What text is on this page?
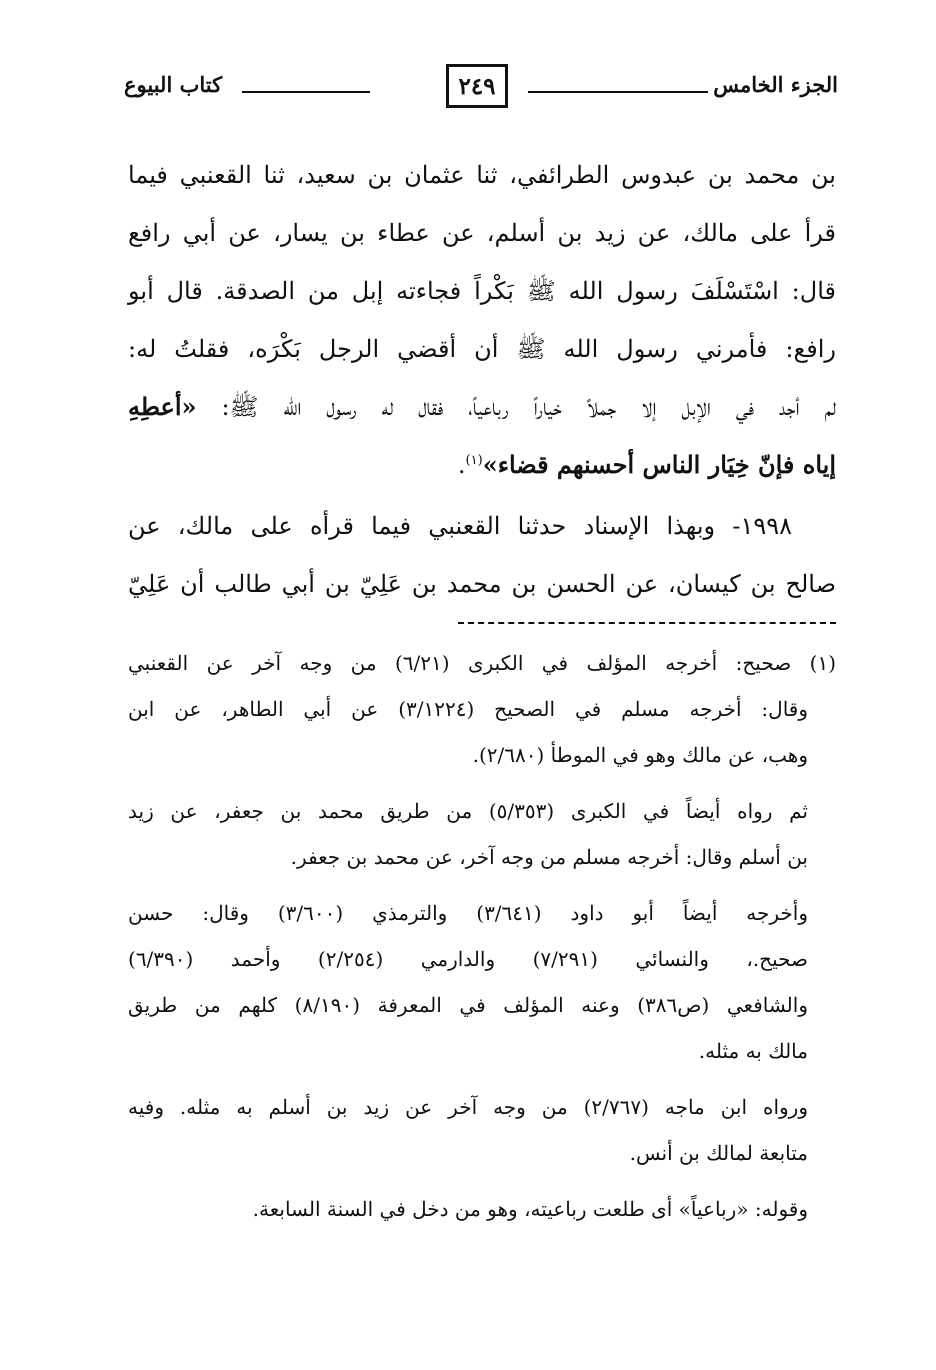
الجزء الخامس
٢٤٩
كتاب البيوع

بن محمد بن عبدوس الطرائفي، ثنا عثمان بن سعيد، ثنا القعنبي فيما

قرأ على مالك، عن زيد بن أسلم، عن عطاء بن يسار، عن أبي رافع

قال: اسْتَسْلَفَ رسول الله ﷺ بَكْراً فجاءته إبل من الصدقة. قال أبو

رافع: فأمرني رسول الله ﷺ أن أقضي الرجل بَكْرَه، فقلتُ له:

لم أجد في الإبل إلا جملاً خياراً رباعياً، فقال له رسول الله ﷺ: «أعطِهِ

إياه فإنّ خِيَار الناس أحسنهم قضاء»$^{(١)}$.

١٩٩٨- وبهذا الإسناد حدثنا القعنبي فيما قرأه على مالك، عن

صالح بن كيسان، عن الحسن بن محمد بن عَلِيّ بن أبي طالب أن عَلِيّ

(١) صحيح: أخرجه المؤلف في الكبرى (٦/٢١) من وجه آخر عن القعنبي

وقال: أخرجه مسلم في الصحيح (٣/١٢٢٤) عن أبي الطاهر، عن ابن

وهب، عن مالك وهو في الموطأ (٢/٦٨٠).

ثم رواه أيضاً في الكبرى (٥/٣٥٣) من طريق محمد بن جعفر، عن زيد

بن أسلم وقال: أخرجه مسلم من وجه آخر، عن محمد بن جعفر.

وأخرجه أيضاً أبو داود (٣/٦٤١) والترمذي (٣/٦٠٠) وقال: حسن

صحيح.، والنسائي (٧/٢٩١) والدارمي (٢/٢٥٤) وأحمد (٦/٣٩٠)

والشافعي (ص٣٨٦) وعنه المؤلف في المعرفة (٨/١٩٠) كلهم من طريق

مالك به مثله.

ورواه ابن ماجه (٢/٧٦٧) من وجه آخر عن زيد بن أسلم به مثله. وفيه

متابعة لمالك بن أنس.

وقوله: «رباعياً» أى طلعت رباعيته، وهو من دخل في السنة السابعة.
